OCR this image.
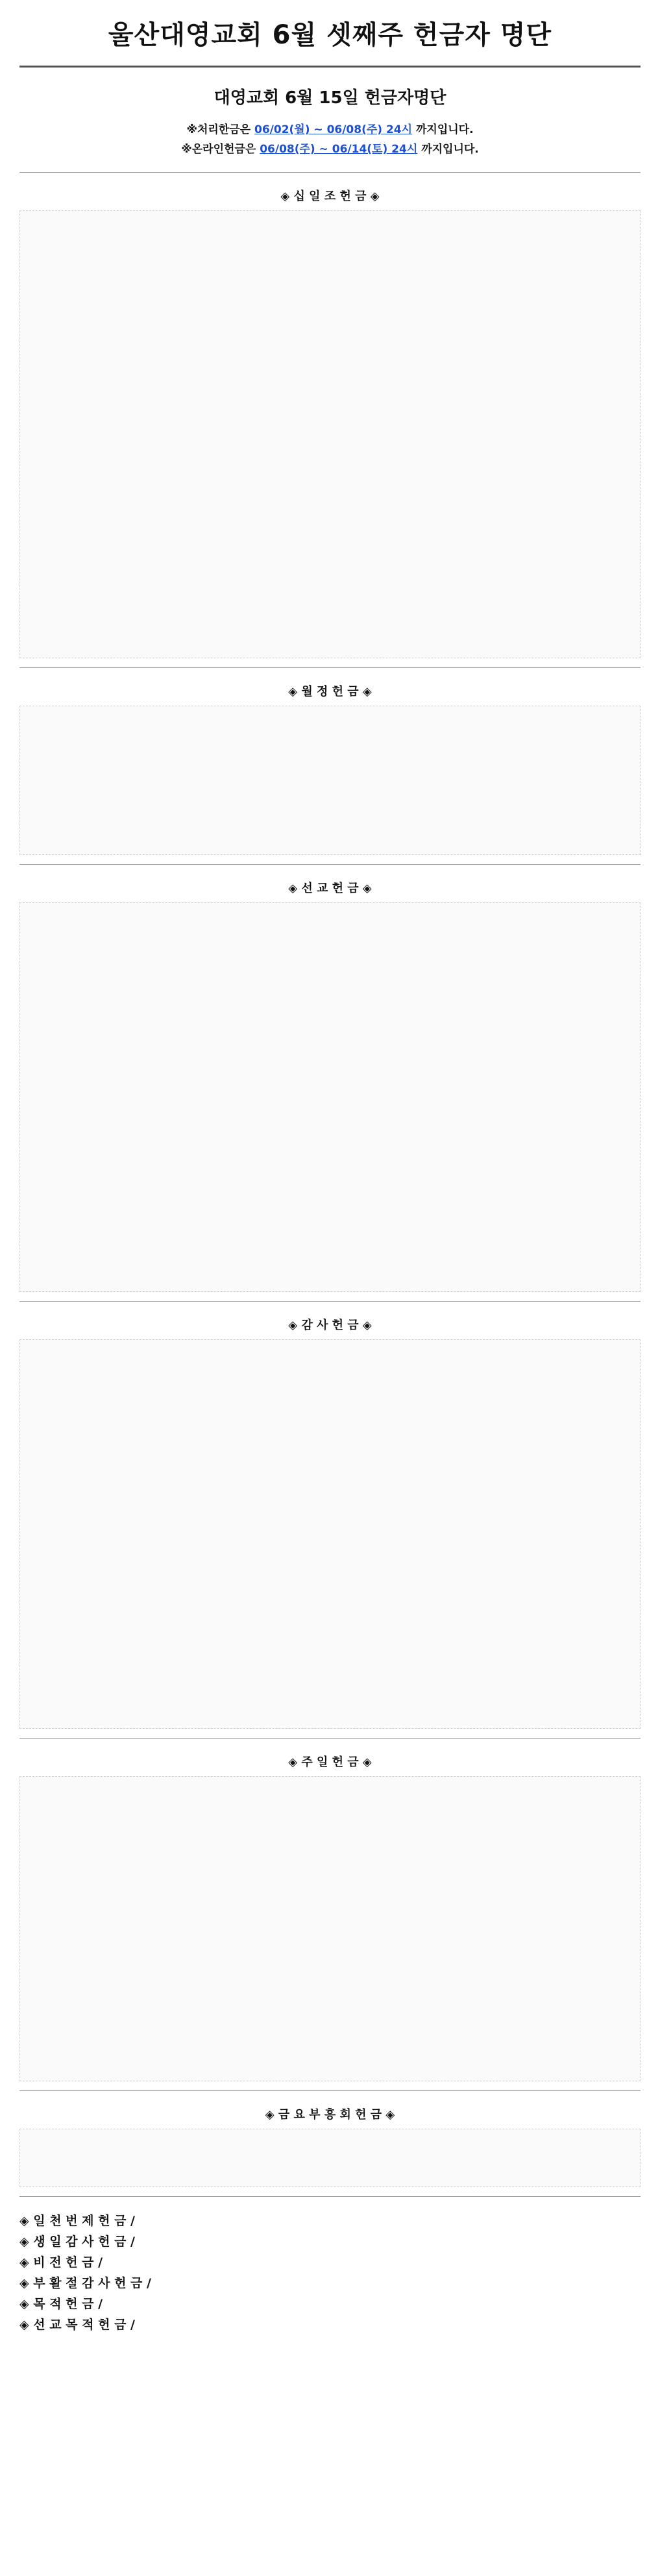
울산대영교회 6월 셋째주 헌금자 명단
대영교회 6월 15일 헌금자명단
※처리한금은 06/02(월) ~ 06/08(주) 24시 까지입니다.
※온라인헌금은 06/08(주) ~ 06/14(토) 24시 까지입니다.
◈ 십 일 조 헌 금 ◈
◈ 월 정 헌 금 ◈
◈ 선 교 헌 금 ◈
◈ 감 사 헌 금 ◈
◈ 주 일 헌 금 ◈
◈ 금 요 부 흥 회 헌 금 ◈
◈ 일 천 번 제 헌 금 /
◈ 생 일 감 사 헌 금 /
◈ 비 전 헌 금 /
◈ 부 활 절 감 사 헌 금 /
◈ 목 적 헌 금 /
◈ 선 교 목 적 헌 금 /
